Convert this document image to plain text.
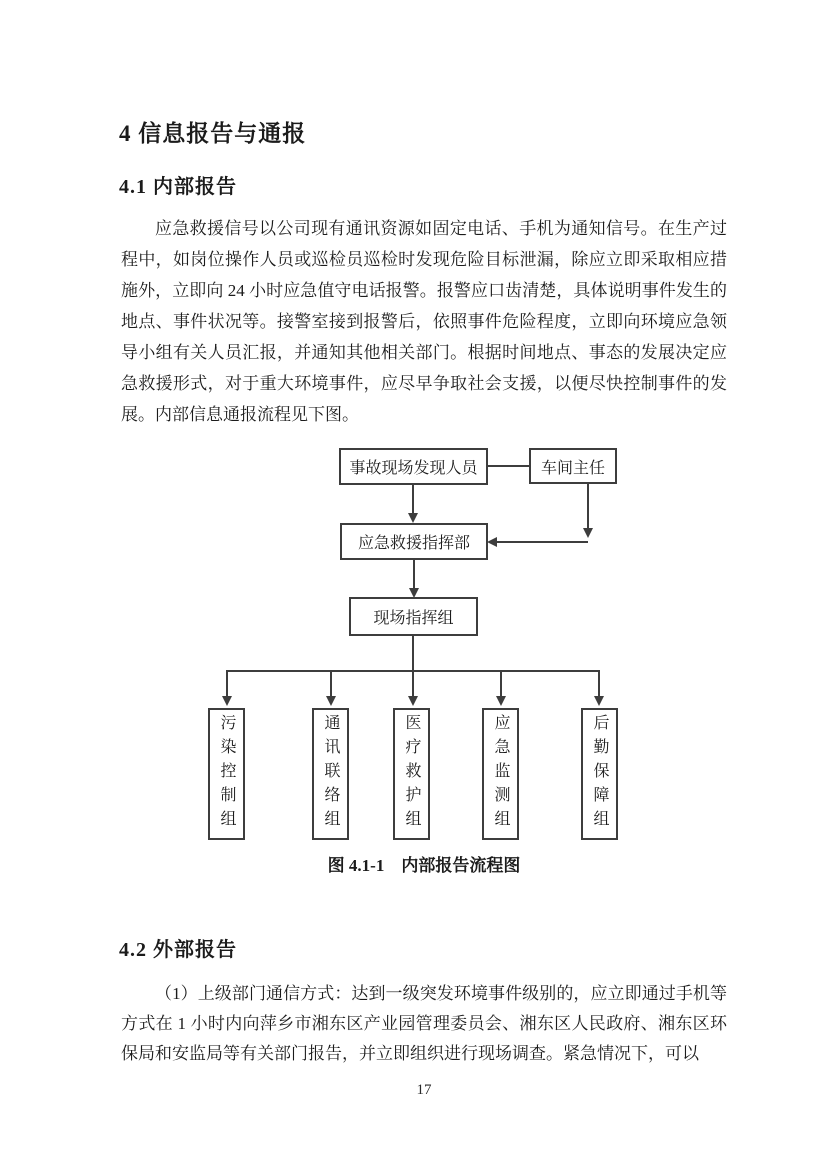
4 信息报告与通报
4.1 内部报告
应急救援信号以公司现有通讯资源如固定电话、手机为通知信号。在生产过程中，如岗位操作人员或巡检员巡检时发现危险目标泄漏，除应立即采取相应措施外，立即向 24 小时应急值守电话报警。报警应口齿清楚，具体说明事件发生的地点、事件状况等。接警室接到报警后，依照事件危险程度，立即向环境应急领导小组有关人员汇报，并通知其他相关部门。根据时间地点、事态的发展决定应急救援形式，对于重大环境事件，应尽早争取社会支援，以便尽快控制事件的发展。内部信息通报流程见下图。
事故现场发现人员	车间主任
应急救援指挥部
现场指挥组
污染控制组	通讯联络组	医疗救护组	应急监测组	后勤保障组
图 4.1-1　内部报告流程图
4.2 外部报告
（1）上级部门通信方式：达到一级突发环境事件级别的，应立即通过手机等方式在 1 小时内向萍乡市湘东区产业园管理委员会、湘东区人民政府、湘东区环保局和安监局等有关部门报告，并立即组织进行现场调查。紧急情况下，可以
17
